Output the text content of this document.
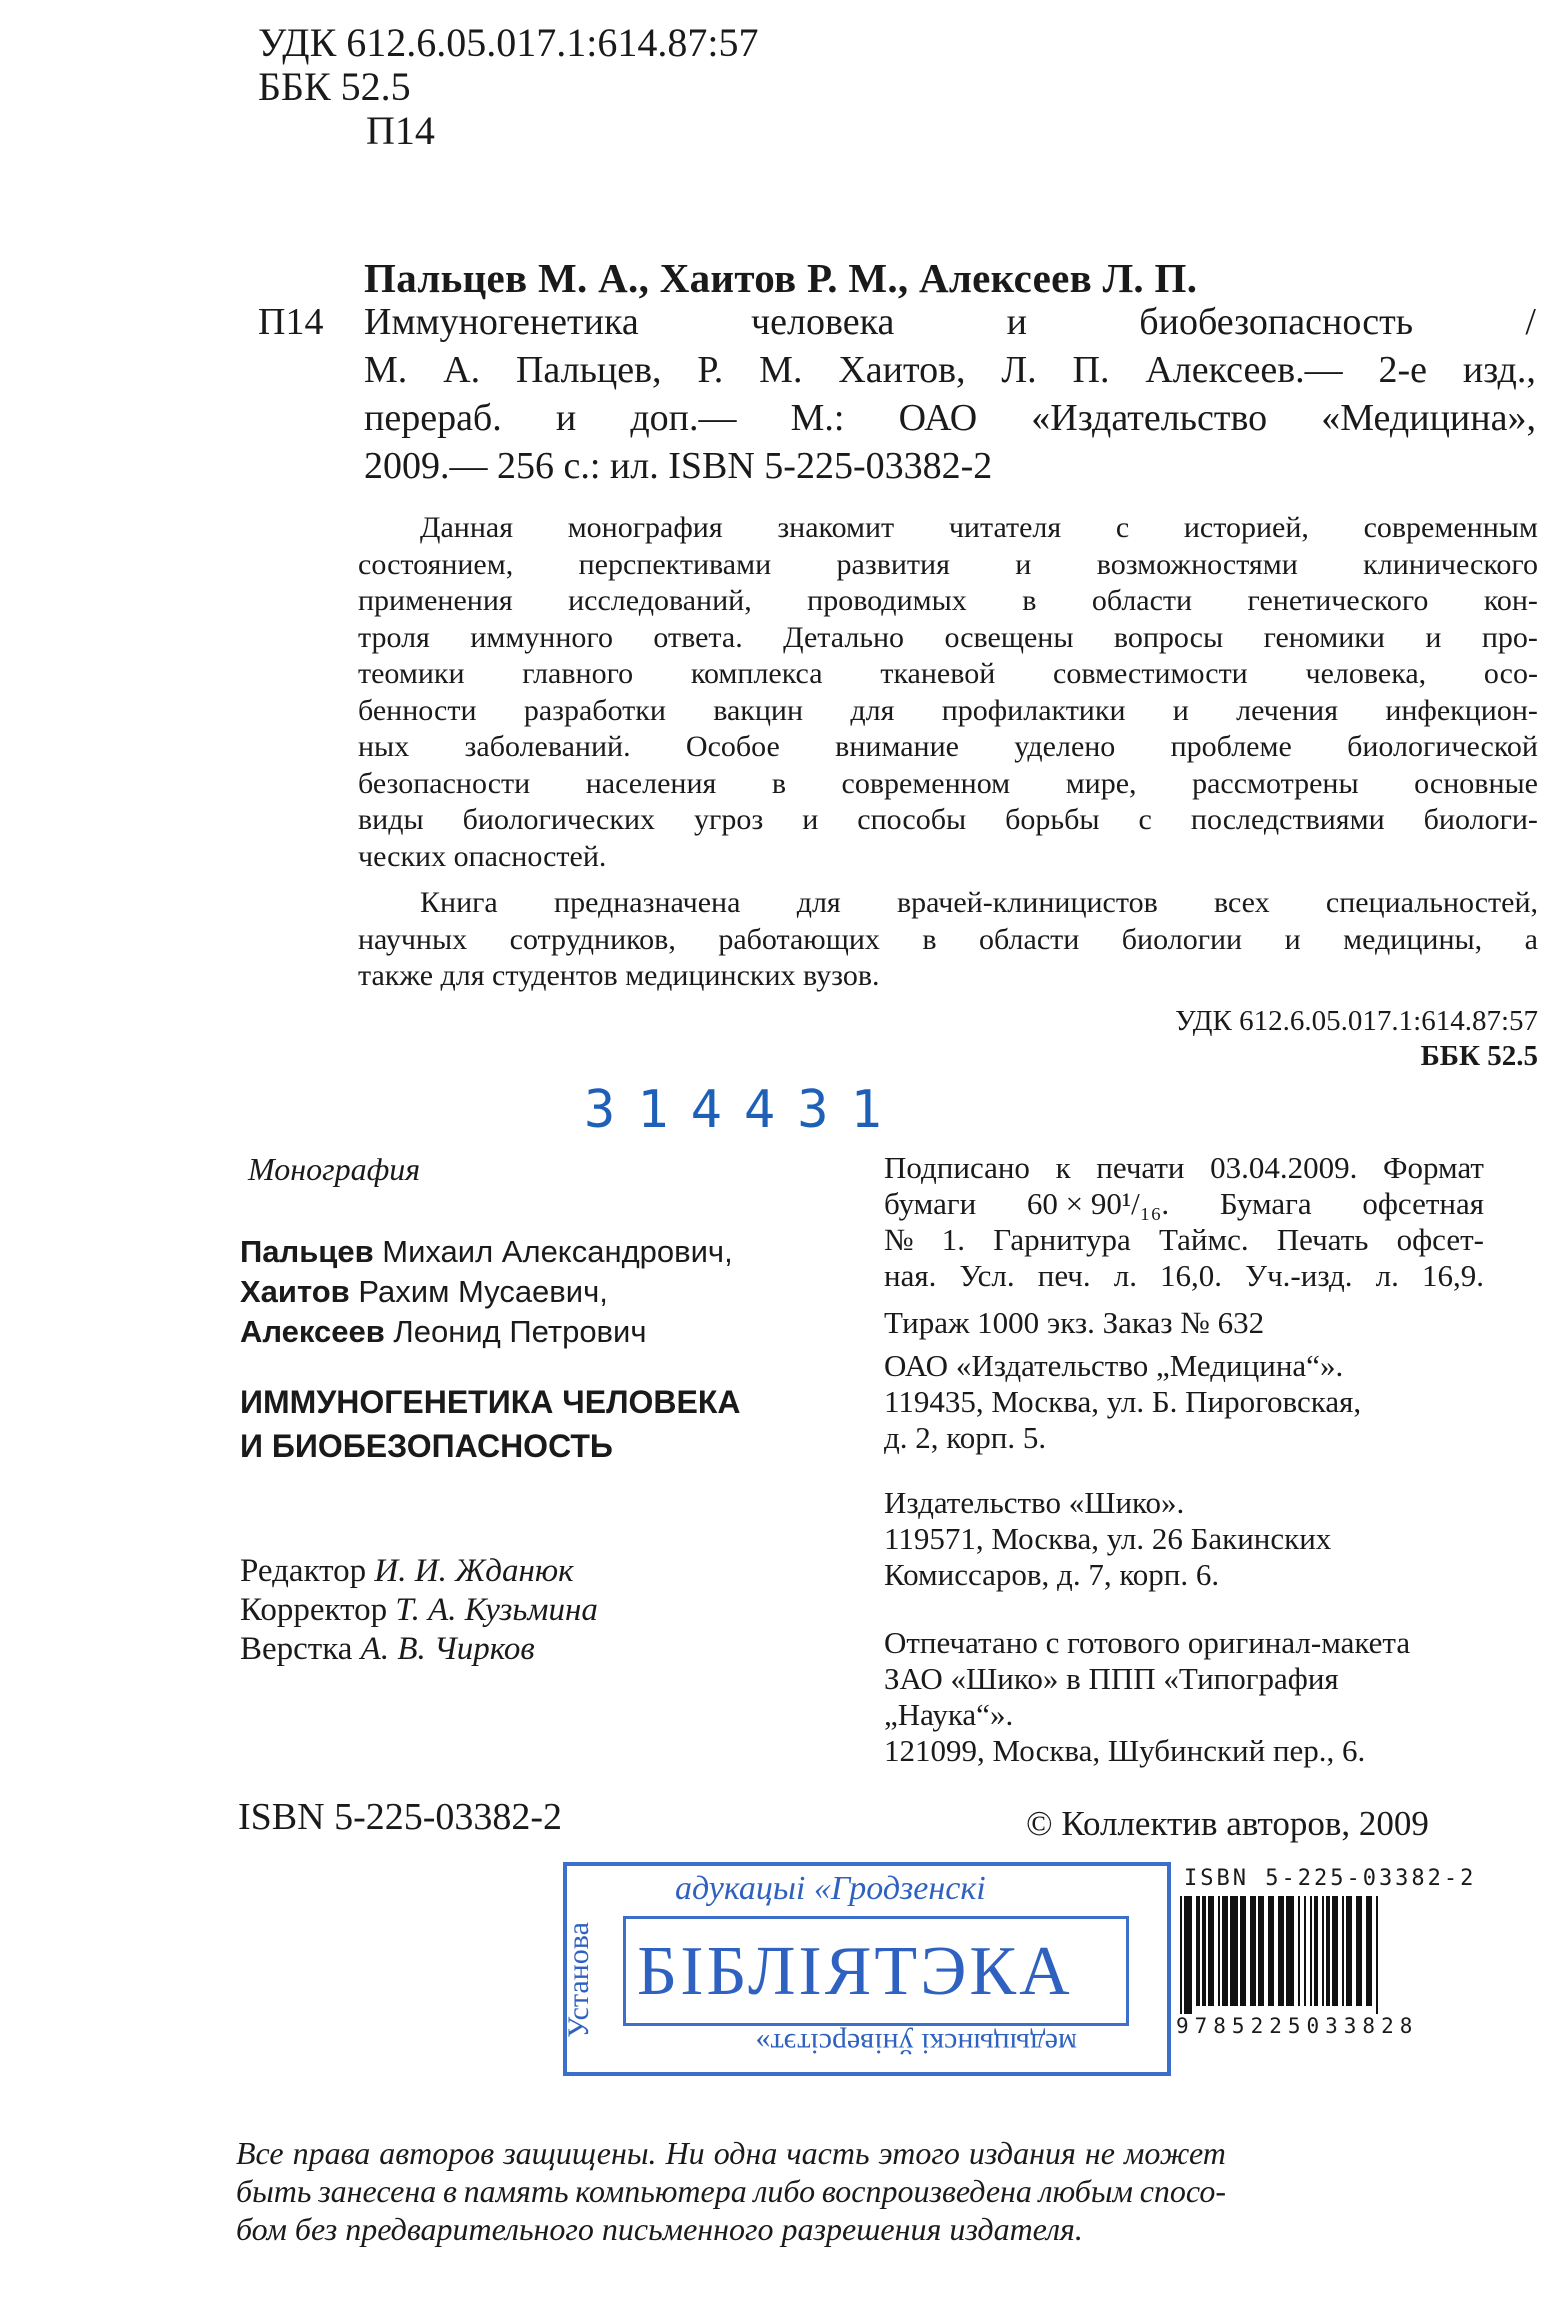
УДК 612.6.05.017.1:614.87:57
ББК 52.5
П14
Пальцев М. А., Хаитов Р. М., Алексеев Л. П.
П14 Иммуногенетика	человека	и	биобезопасность	/
М. А. Пальцев, Р. М. Хаитов, Л. П. Алексеев.— 2-е изд.,
перераб. и доп.— М.: ОАО «Издательство «Медицина»,
2009.— 256 с.: ил. ISBN 5-225-03382-2
Данная монография знакомит читателя с историей, современным
состоянием, перспективами развития и возможностями клинического
применения исследований, проводимых в области генетического кон-
троля иммунного ответа. Детально освещены вопросы геномики и про-
теомики главного комплекса тканевой совместимости человека, осо-
бенности разработки вакцин для профилактики и лечения инфекцион-
ных заболеваний. Особое внимание уделено проблеме биологической
безопасности населения в современном мире, рассмотрены основные
виды биологических угроз и способы борьбы с последствиями биологи-
ческих опасностей.
Книга предназначена для врачей-клиницистов всех специальностей,
научных сотрудников, работающих в области биологии и медицины, а
также для студентов медицинских вузов.
УДК 612.6.05.017.1:614.87:57
ББК 52.5
314431
Монография
Пальцев Михаил Александрович,
Хаитов Рахим Мусаевич,
Алексеев Леонид Петрович
ИММУНОГЕНЕТИКА ЧЕЛОВЕКА
И БИОБЕЗОПАСНОСТЬ
Редактор И. И. Жданюк
Корректор Т. А. Кузьмина
Верстка А. В. Чирков
ISBN 5-225-03382-2
Подписано к печати 03.04.2009. Формат
бумаги 60 × 90¹/₁₆. Бумага офсетная
№ 1. Гарнитура Таймс. Печать офсет-
ная. Усл. печ. л. 16,0. Уч.-изд. л. 16,9.
Тираж 1000 экз. Заказ № 632
ОАО «Издательство „Медицина“».
119435, Москва, ул. Б. Пироговская,
д. 2, корп. 5.
Издательство «Шико».
119571, Москва, ул. 26 Бакинских
Комиссаров, д. 7, корп. 6.
Отпечатано с готового оригинал-макета
ЗАО «Шико» в ППП «Типография
„Наука“».
121099, Москва, Шубинский пер., 6.
© Коллектив авторов, 2009
адукацыі «Гродзенскі
БІБЛІЯТЭКА
медыцынскі ўніверсітэт»
Установа
ISBN 5-225-03382-2
9785225033828
Все права авторов защищены. Ни одна часть этого издания не может
быть занесена в память компьютера либо воспроизведена любым спосо-
бом без предварительного письменного разрешения издателя.
